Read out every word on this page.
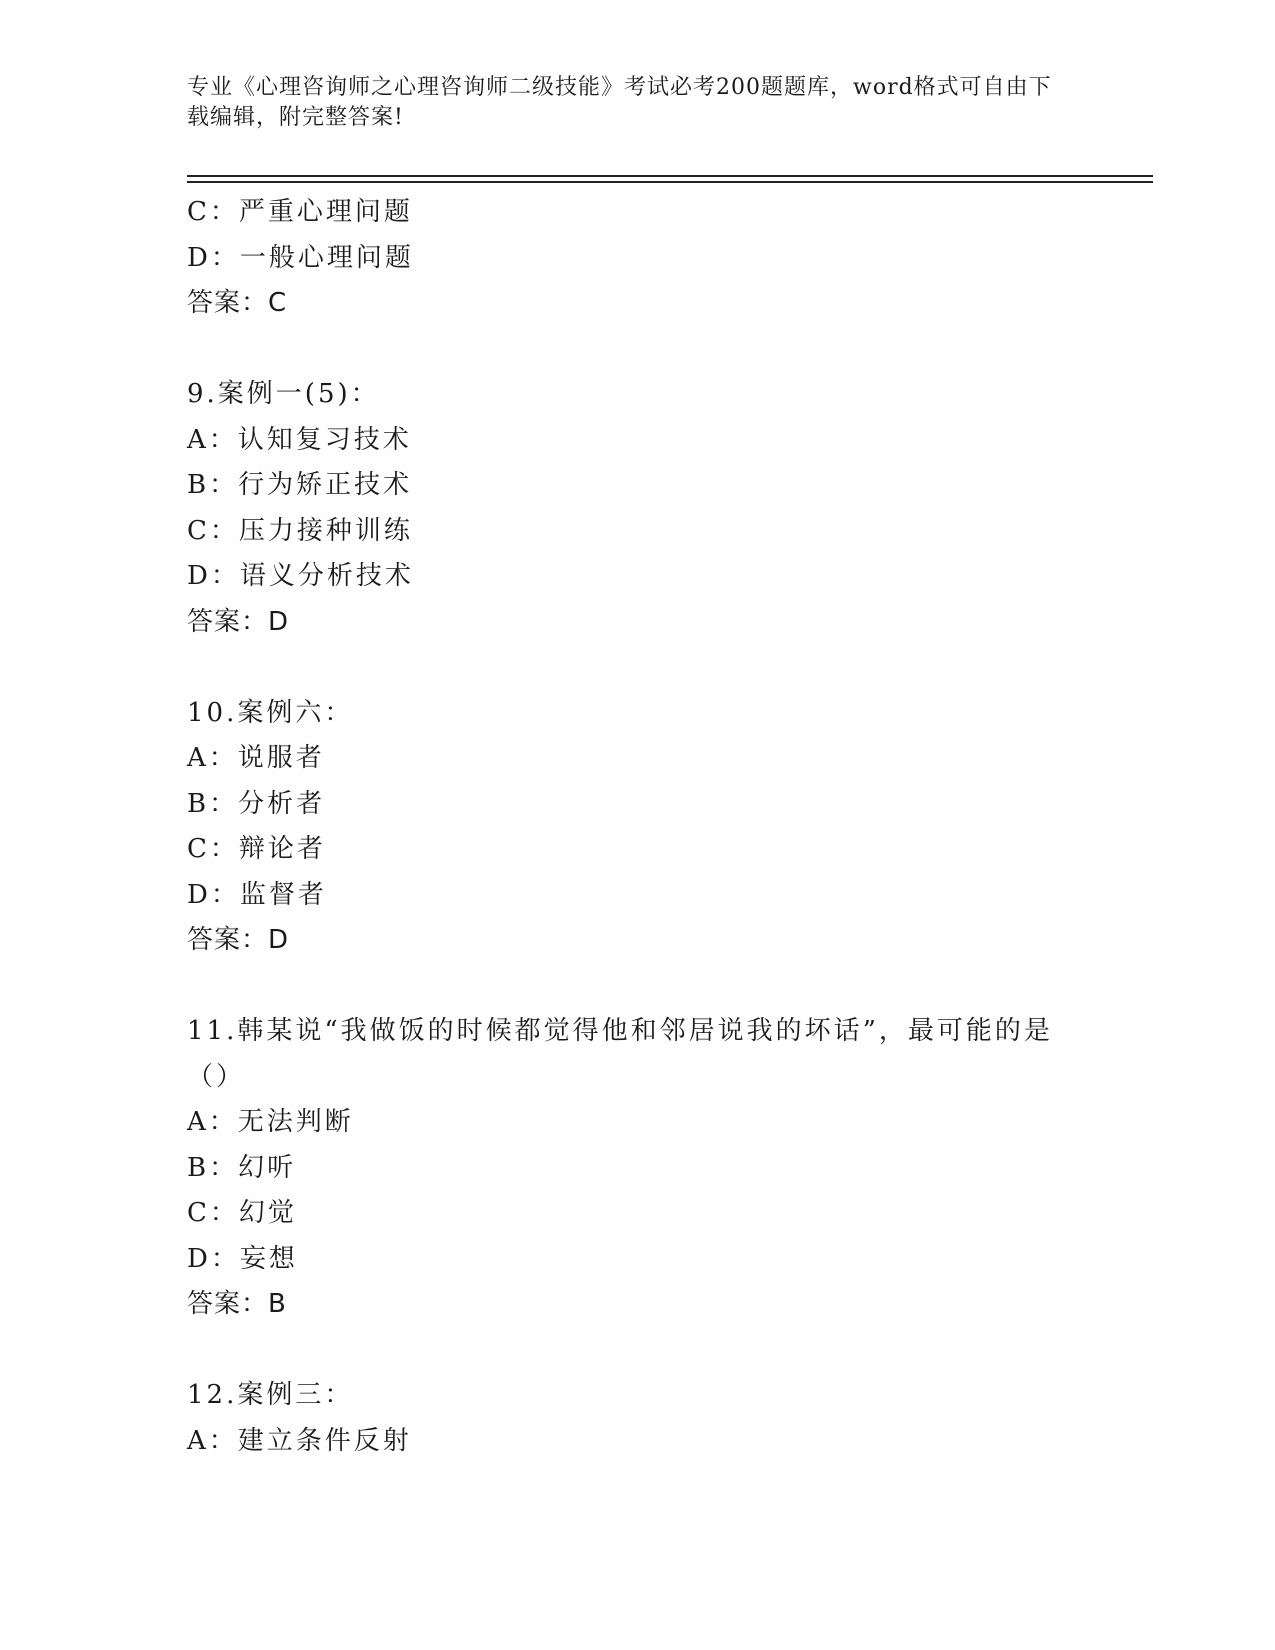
专业《心理咨询师之心理咨询师二级技能》考试必考200题题库，word格式可自由下载编辑，附完整答案!
C：严重心理问题
D：一般心理问题
答案：C
9.案例一(5)：
A：认知复习技术
B：行为矫正技术
C：压力接种训练
D：语义分析技术
答案：D
10.案例六：
A：说服者
B：分析者
C：辩论者
D：监督者
答案：D
11.韩某说“我做饭的时候都觉得他和邻居说我的坏话”，最可能的是
（）
A：无法判断
B：幻听
C：幻觉
D：妄想
答案：B
12.案例三：
A：建立条件反射
